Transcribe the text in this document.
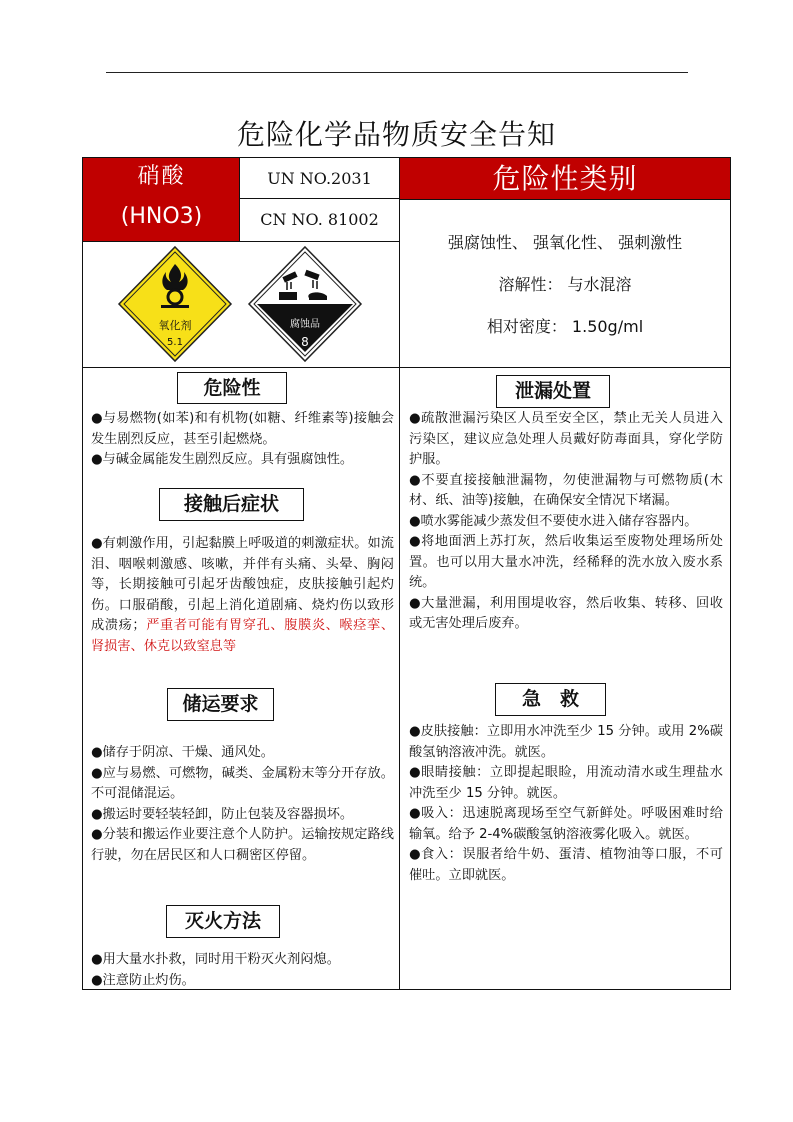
危险化学品物质安全告知
硝酸
(HNO3)
UN NO.2031
CN NO. 81002
危险性类别
氧化剂
5.1
腐蚀品
8
强腐蚀性、 强氧化性、 强刺激性
溶解性： 与水混溶
相对密度： 1.50g/ml
危险性

●与易燃物(如苯)和有机物(如糖、纤维素等)接触会发生剧烈反应，甚至引起燃烧。

●与碱金属能发生剧烈反应。具有强腐蚀性。

接触后症状
●有刺激作用，引起黏膜上呼吸道的刺激症状。如流泪、咽喉刺激感、咳嗽，并伴有头痛、头晕、胸闷等，长期接触可引起牙齿酸蚀症，皮肤接触引起灼伤。口服硝酸，引起上消化道剧痛、烧灼伤以致形成溃疡；严重者可能有胃穿孔、腹膜炎、喉痉挛、肾损害、休克以致窒息等
储运要求

●储存于阴凉、干燥、通风处。

●应与易燃、可燃物，碱类、金属粉末等分开存放。不可混储混运。

●搬运时要轻装轻卸，防止包装及容器损坏。

●分装和搬运作业要注意个人防护。运输按规定路线行驶，勿在居民区和人口稠密区停留。

灭火方法

●用大量水扑救，同时用干粉灭火剂闷熄。

●注意防止灼伤。

泄漏处置

●疏散泄漏污染区人员至安全区，禁止无关人员进入污染区，建议应急处理人员戴好防毒面具，穿化学防护服。

●不要直接接触泄漏物，勿使泄漏物与可燃物质(木材、纸、油等)接触，在确保安全情况下堵漏。

●喷水雾能减少蒸发但不要使水进入储存容器内。

●将地面洒上苏打灰，然后收集运至废物处理场所处置。也可以用大量水冲洗，经稀释的洗水放入废水系统。

●大量泄漏，利用围堤收容，然后收集、转移、回收或无害处理后废弃。

急　救

●皮肤接触：立即用水冲洗至少 15 分钟。或用 2%碳酸氢钠溶液冲洗。就医。

●眼睛接触：立即提起眼睑，用流动清水或生理盐水冲洗至少 15 分钟。就医。

●吸入：迅速脱离现场至空气新鲜处。呼吸困难时给输氧。给予 2-4%碳酸氢钠溶液雾化吸入。就医。

●食入：误服者给牛奶、蛋清、植物油等口服，不可催吐。立即就医。
